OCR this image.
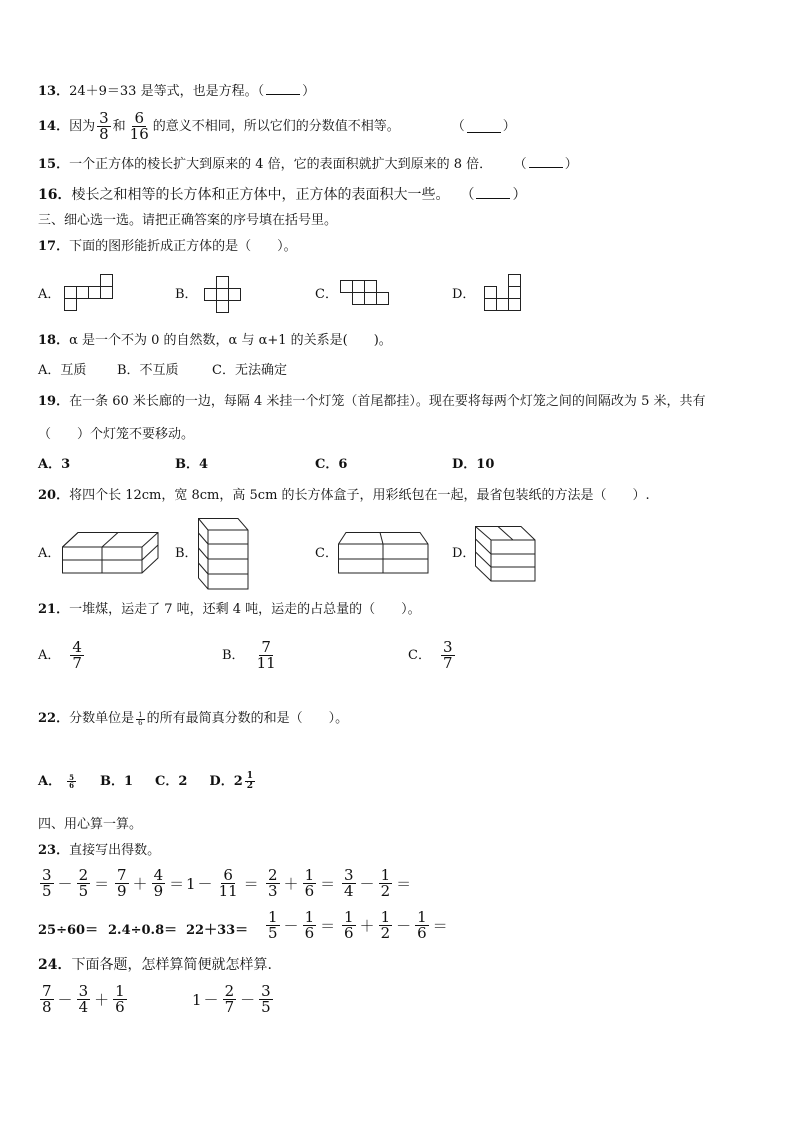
13．24＋9＝33 是等式，也是方程。（	）
14． 因为 $\frac{3}{8}$ 和 $\frac{6}{16}$ 的意义不相同，所以它们的分数值不相等。	（	）
15．一个正方体的棱长扩大到原来的 4 倍，它的表面积就扩大到原来的 8 倍． （	）
16．棱长之和相等的长方体和正方体中，正方体的表面积大一些。 （	）
三、细心选一选。请把正确答案的序号填在括号里。
17．下面的图形能折成正方体的是（　　）。
A．	B．	C．	D．
18．α 是一个不为 0 的自然数，α 与 α+1 的关系是(　　)。
A．互质 B．不互质	C．无法确定
19．在一条 60 米长廊的一边，每隔 4 米挂一个灯笼（首尾都挂）。现在要将每两个灯笼之间的间隔改为 5 米，共有
（　　）个灯笼不要移动。
A．3	B．4	C．6	D．10
20．将四个长 12cm，宽 8cm，高 5cm 的长方体盒子，用彩纸包在一起，最省包装纸的方法是（　　）.
A．	B．	C．	D．
21．一堆煤，运走了 7 吨，还剩 4 吨，运走的占总量的（　　）。
A． $\frac{4}{7}$	B． $\frac{7}{11}$	C． $\frac{3}{7}$
22． 分数单位是 $\frac{1}{6}$ 的所有最简真分数的和是（　　）。
A． $\frac{5}{6}$ B．1 C．2 D．$2 \frac{1}{2}$
四、用心算一算。
23．直接写出得数。
$\frac{3}{5} - \frac{2}{5} = \frac{7}{9} + \frac{4}{9} = 1 - \frac{6}{11} = \frac{2}{3} + \frac{1}{6} = \frac{3}{4} - \frac{1}{2}$ ＝
$25\div 60= 2.4\div 0.8= 22+33= \frac{1}{5} - \frac{1}{6} = \frac{1}{6} + \frac{1}{2} - \frac{1}{6}$ ＝
24．下面各题，怎样算简便就怎样算.
$\frac{7}{8} - \frac{3}{4} + \frac{1}{6}$	$1 - \frac{2}{7} - \frac{3}{5}$
